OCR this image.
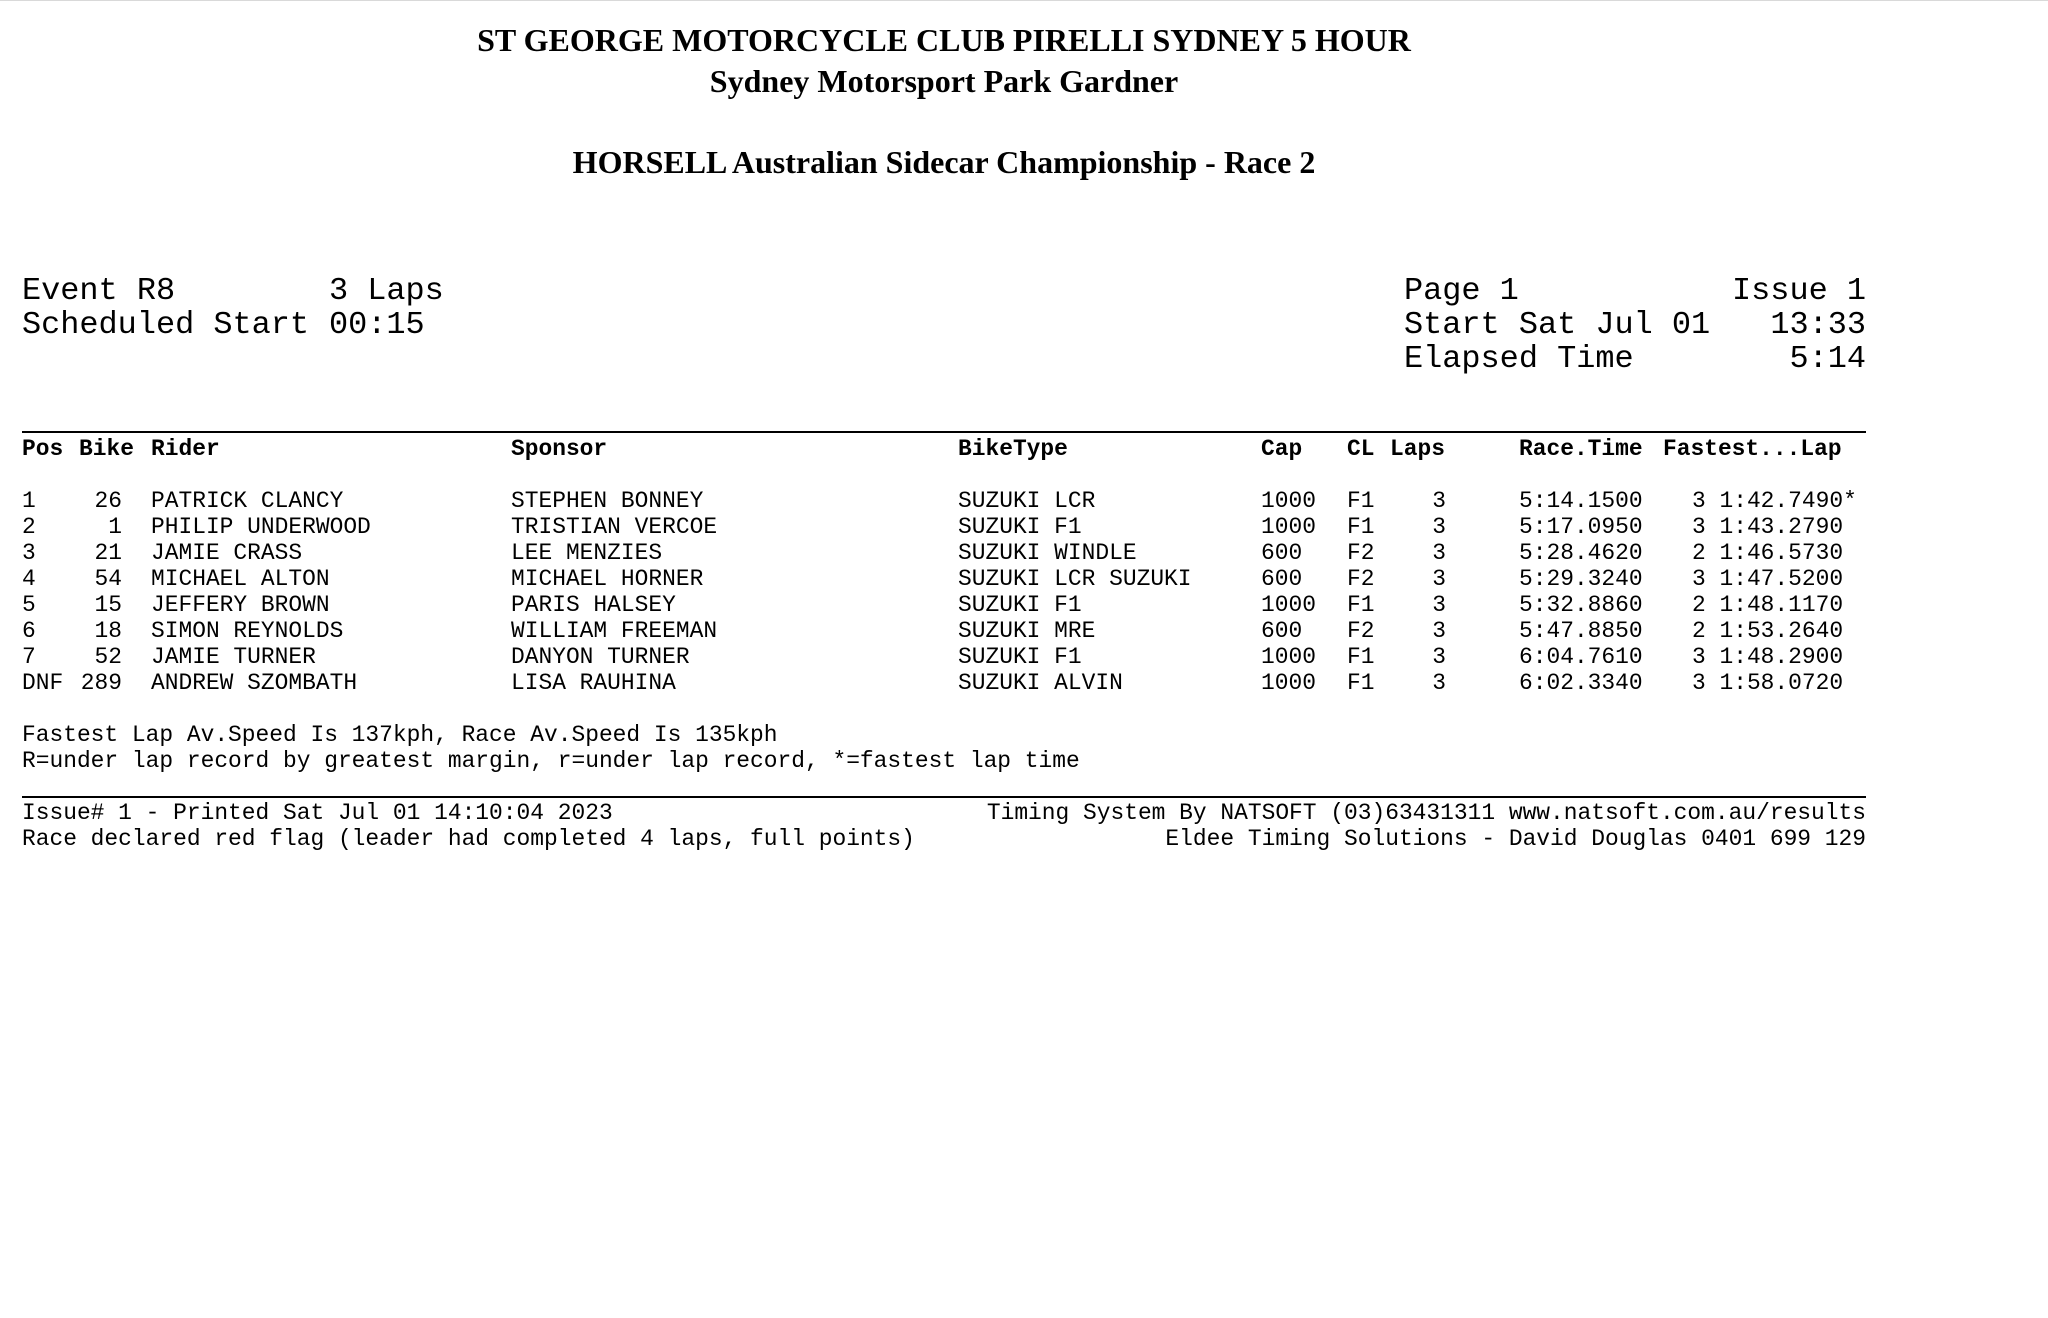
ST GEORGE MOTORCYCLE CLUB PIRELLI SYDNEY 5 HOUR
Sydney Motorsport Park Gardner
HORSELL Australian Sidecar Championship - Race 2
Event R8	3 Laps
Scheduled Start 00:15
Page 1	Issue 1
Start Sat Jul 01	13:33
Elapsed Time	5:14
Pos Bike Rider	Sponsor	BikeType	Cap CL Laps	Race.Time Fastest...Lap
1	26 PATRICK CLANCY	STEPHEN BONNEY	SUZUKI LCR	1000 F1	3	5:14.1500 3 1:42.7490*
2	1 PHILIP UNDERWOOD	TRISTIAN VERCOE	SUZUKI F1	1000 F1	3	5:17.0950 3 1:43.2790
3	21 JAMIE CRASS	LEE MENZIES	SUZUKI WINDLE	600 F2	3	5:28.4620 2 1:46.5730
4	54 MICHAEL ALTON	MICHAEL HORNER	SUZUKI LCR SUZUKI	600 F2	3	5:29.3240 3 1:47.5200
5	15 JEFFERY BROWN	PARIS HALSEY	SUZUKI F1	1000 F1	3	5:32.8860 2 1:48.1170
6	18 SIMON REYNOLDS	WILLIAM FREEMAN	SUZUKI MRE	600 F2	3	5:47.8850 2 1:53.2640
7	52 JAMIE TURNER	DANYON TURNER	SUZUKI F1	1000 F1	3	6:04.7610 3 1:48.2900
DNF 289 ANDREW SZOMBATH	LISA RAUHINA	SUZUKI ALVIN	1000 F1	3	6:02.3340 3 1:58.0720
Fastest Lap Av.Speed Is 137kph, Race Av.Speed Is 135kph
R=under lap record by greatest margin, r=under lap record, *=fastest lap time
Issue# 1 - Printed Sat Jul 01 14:10:04 2023	Timing System By NATSOFT (03)63431311 www.natsoft.com.au/results
Race declared red flag (leader had completed 4 laps, full points)	Eldee Timing Solutions - David Douglas 0401 699 129
